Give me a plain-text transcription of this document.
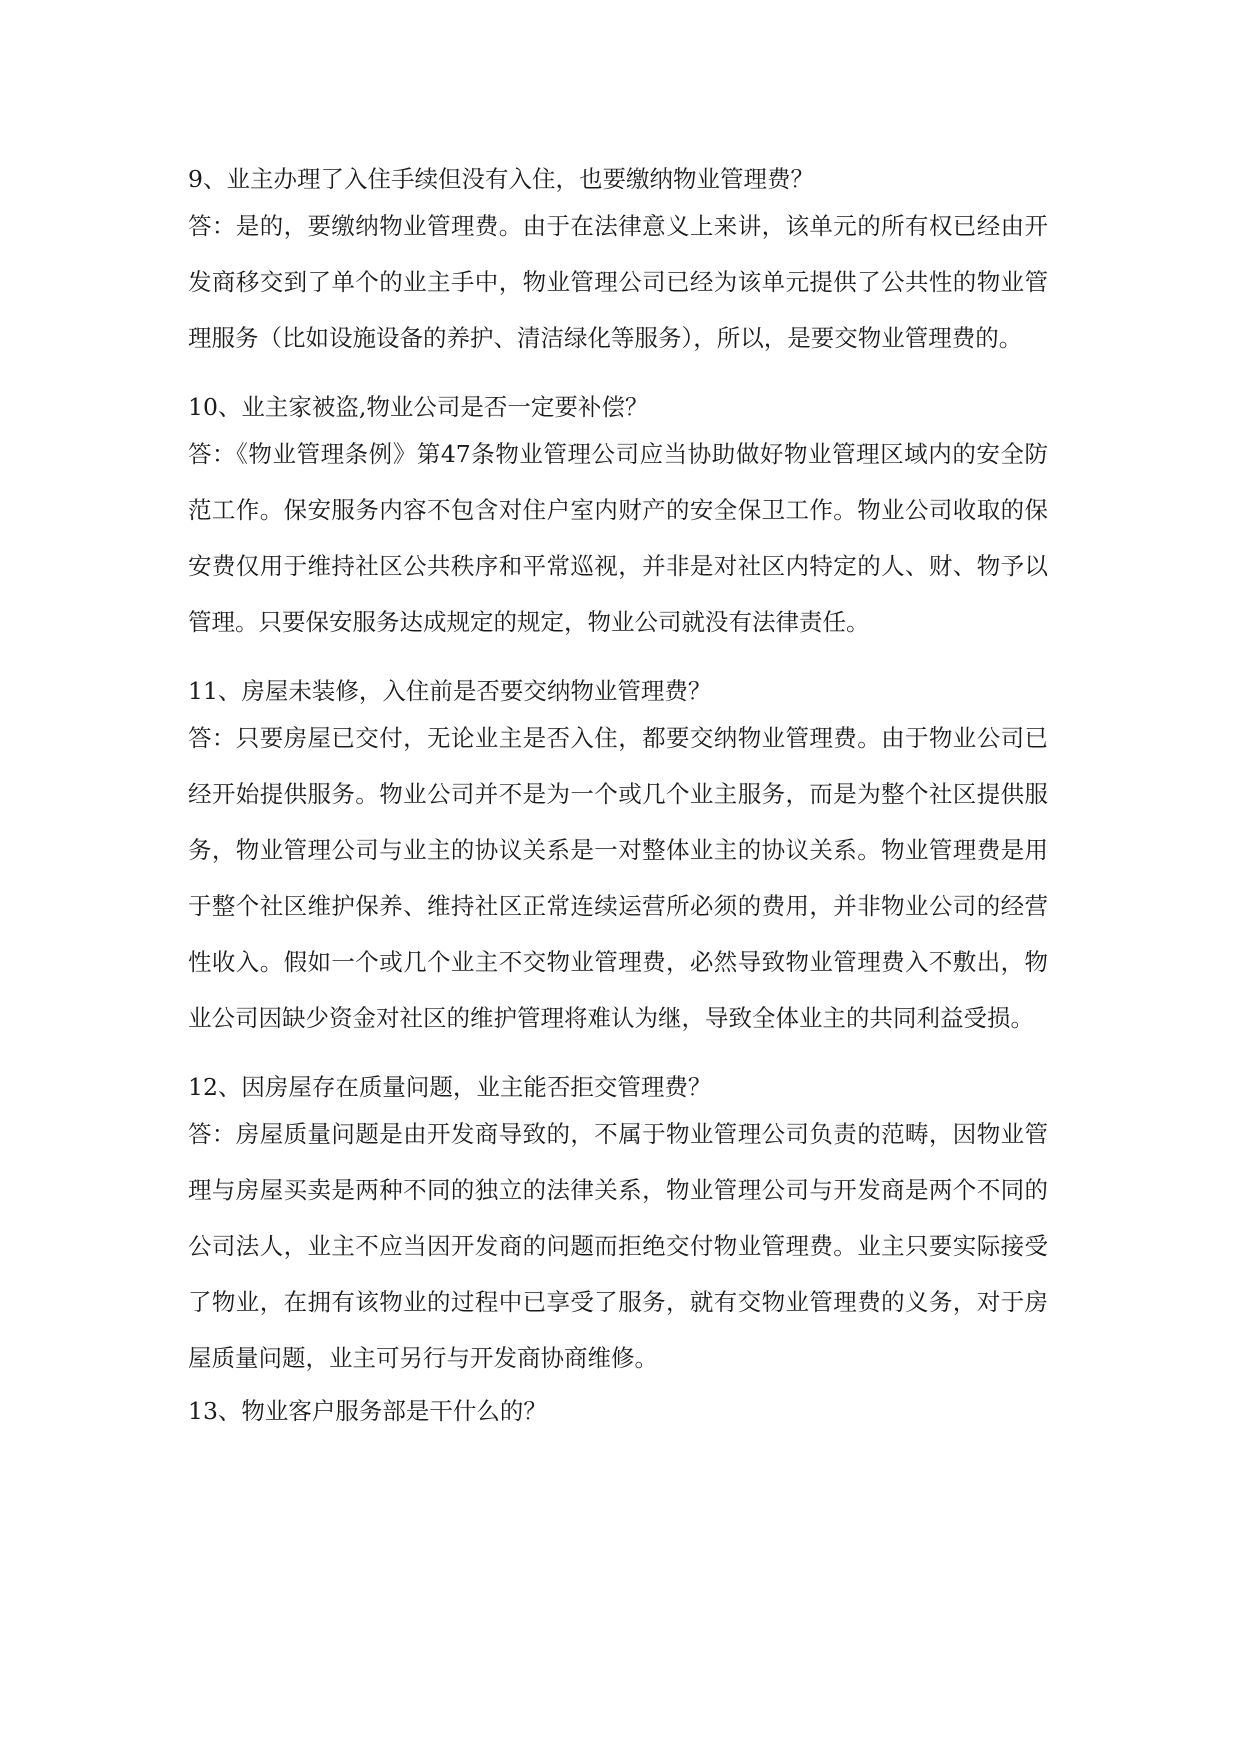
9、业主办理了入住手续但没有入住，也要缴纳物业管理费？

答：是的，要缴纳物业管理费。由于在法律意义上来讲，该单元的所有权已经由开发商移交到了单个的业主手中，物业管理公司已经为该单元提供了公共性的物业管理服务（比如设施设备的养护、清洁绿化等服务），所以，是要交物业管理费的。

10、业主家被盗,物业公司是否一定要补偿？

答：《物业管理条例》第47条物业管理公司应当协助做好物业管理区域内的安全防范工作。保安服务内容不包含对住户室内财产的安全保卫工作。物业公司收取的保安费仅用于维持社区公共秩序和平常巡视，并非是对社区内特定的人、财、物予以管理。只要保安服务达成规定的规定，物业公司就没有法律责任。

11、房屋未装修，入住前是否要交纳物业管理费？

答：只要房屋已交付，无论业主是否入住，都要交纳物业管理费。由于物业公司已经开始提供服务。物业公司并不是为一个或几个业主服务，而是为整个社区提供服务，物业管理公司与业主的协议关系是一对整体业主的协议关系。物业管理费是用于整个社区维护保养、维持社区正常连续运营所必须的费用，并非物业公司的经营性收入。假如一个或几个业主不交物业管理费，必然导致物业管理费入不敷出，物业公司因缺少资金对社区的维护管理将难认为继，导致全体业主的共同利益受损。

12、因房屋存在质量问题，业主能否拒交管理费？

答：房屋质量问题是由开发商导致的，不属于物业管理公司负责的范畴，因物业管理与房屋买卖是两种不同的独立的法律关系，物业管理公司与开发商是两个不同的公司法人，业主不应当因开发商的问题而拒绝交付物业管理费。业主只要实际接受了物业，在拥有该物业的过程中已享受了服务，就有交物业管理费的义务，对于房屋质量问题，业主可另行与开发商协商维修。

13、物业客户服务部是干什么的？
